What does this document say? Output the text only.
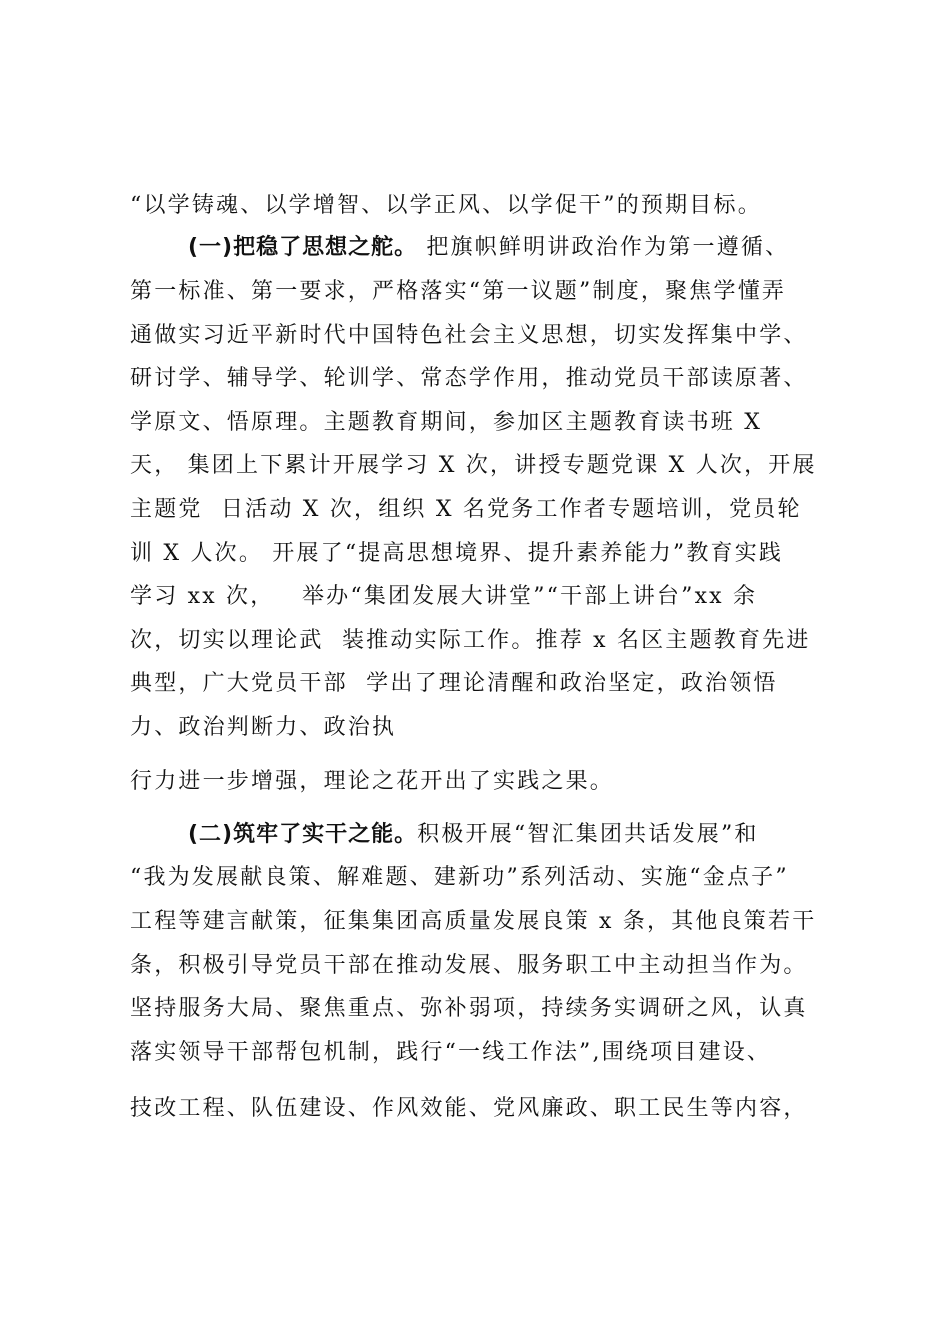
“以学铸魂、以学增智、以学正风、以学促干”的预期目标。
(一)把稳了思想之舵。 把旗帜鲜明讲政治作为第一遵循、
第一标准、第一要求，严格落实“第一议题”制度，聚焦学懂弄
通做实习近平新时代中国特色社会主义思想，切实发挥集中学、
研讨学、辅导学、轮训学、常态学作用，推动党员干部读原著、
学原文、悟原理。主题教育期间，参加区主题教育读书班 X
天， 集团上下累计开展学习 X 次，讲授专题党课 X 人次，开展
主题党  日活动 X 次，组织 X 名党务工作者专题培训，党员轮
训 X 人次。 开展了“提高思想境界、提升素养能力”教育实践
学习 xx 次，   举办“集团发展大讲堂”“干部上讲台”xx 余
次，切实以理论武  装推动实际工作。推荐 x 名区主题教育先进
典型，广大党员干部  学出了理论清醒和政治坚定，政治领悟
力、政治判断力、政治执
行力进一步增强，理论之花开出了实践之果。
(二)筑牢了实干之能。积极开展“智汇集团共话发展”和
“我为发展献良策、解难题、建新功”系列活动、实施“金点子”
工程等建言献策，征集集团高质量发展良策 x 条，其他良策若干
条，积极引导党员干部在推动发展、服务职工中主动担当作为。
坚持服务大局、聚焦重点、弥补弱项，持续务实调研之风，认真
落实领导干部帮包机制，践行“一线工作法”,围绕项目建设、
技改工程、队伍建设、作风效能、党风廉政、职工民生等内容，
